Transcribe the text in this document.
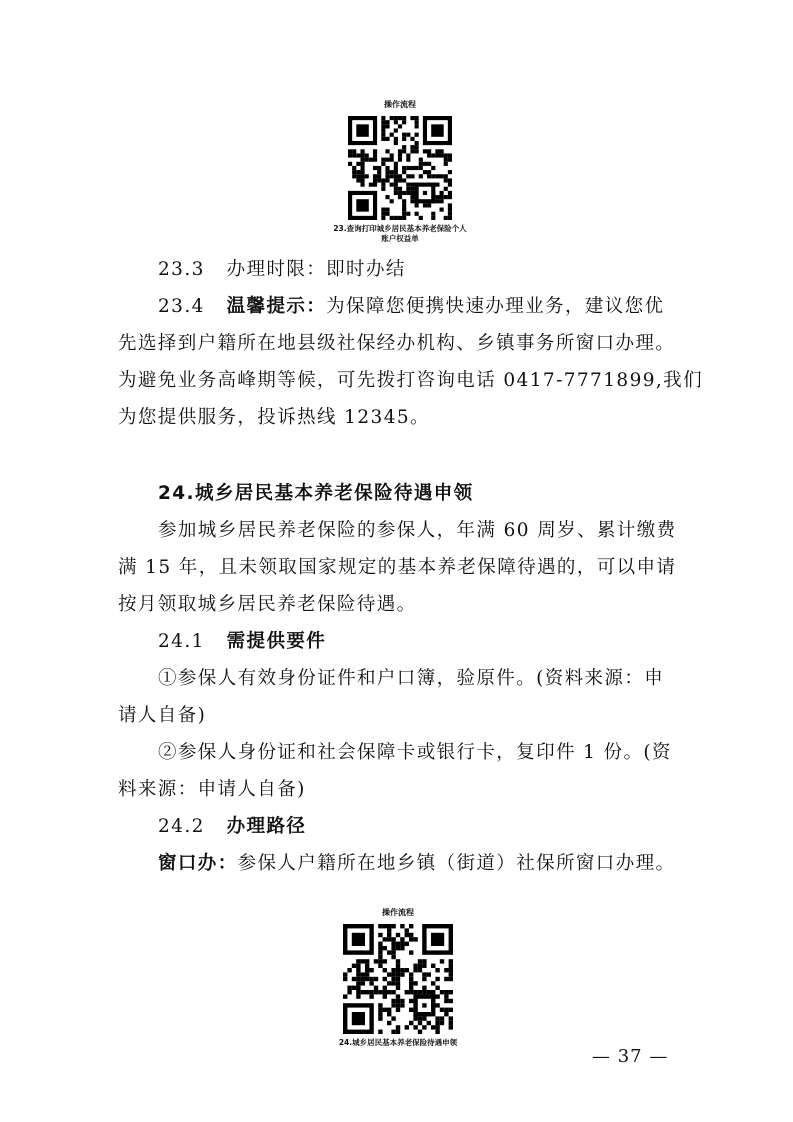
操作流程
23.查询打印城乡居民基本养老保险个人
账户权益单
23.3 办理时限：即时办结
23.4 温馨提示：为保障您便携快速办理业务，建议您优
先选择到户籍所在地县级社保经办机构、乡镇事务所窗口办理。
为避免业务高峰期等候，可先拨打咨询电话 0417-7771899,我们
为您提供服务，投诉热线 12345。
24.城乡居民基本养老保险待遇申领
参加城乡居民养老保险的参保人，年满 60 周岁、累计缴费
满 15 年，且未领取国家规定的基本养老保障待遇的，可以申请
按月领取城乡居民养老保险待遇。
24.1 需提供要件
①参保人有效身份证件和户口簿，验原件。(资料来源：申
请人自备)
②参保人身份证和社会保障卡或银行卡，复印件 1 份。(资
料来源：申请人自备)
24.2 办理路径
窗口办：参保人户籍所在地乡镇（街道）社保所窗口办理。
操作流程
24.城乡居民基本养老保险待遇申领
— 37 —
